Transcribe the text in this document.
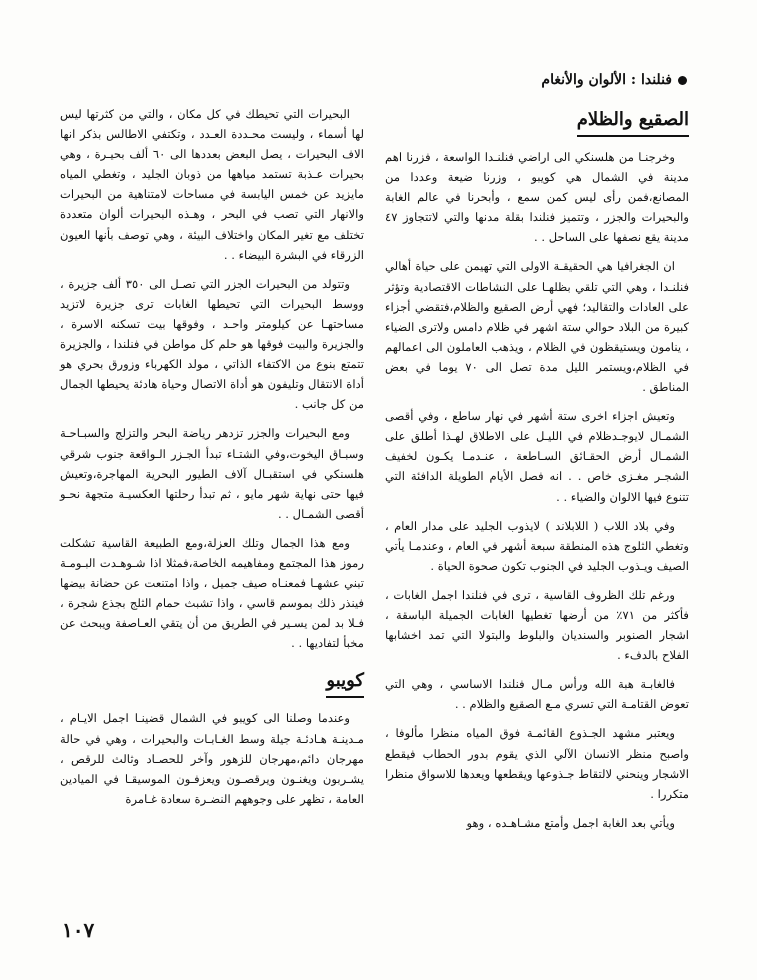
فنلندا : الألوان والأنغام
الصقيع والظلام

وخرجنـا من هلسنكي الى اراضي فنلنـدا الواسعة ، فزرنا اهم مدينة في الشمال هي كويبو ، وزرنا ضيعة وعددا من المصانع،فمن رأى ليس كمن سمع ، وأبحرنا في عالم الغابة والبحيرات والجزر ، وتتميز فنلندا بقلة مدنها والتي لاتتجاوز ٤٧ مدينة يقع نصفها على الساحل . .

ان الجغرافيا هي الحقيقـة الاولى التي تهيمن على حياة أهالي فنلنـدا ، وهي التي تلقي بظلهـا على النشاطات الاقتصادية وتؤثر على العادات والتقاليد؛ فهي أرض الصقيع والظلام،فتقضي أجزاء كبيرة من البلاد حوالي ستة اشهر في ظلام دامس ولاترى الضياء ، ينامون ويستيقظون في الظلام ، ويذهب العاملون الى اعمالهم في الظلام،ويستمر الليل مدة تصل الى ٧٠ يوما في بعض المناطق .

وتعيش اجزاء اخرى ستة أشهر في نهار ساطع ، وفي أقصى الشمـال لايوجـدظلام في الليـل على الاطلاق لهـذا أطلق على الشمـال أرض الحقـائق السـاطعة ، عنـدمـا يكـون لخفيف الشجـر مغـزى خاص . . انه فصل الأيام الطويلة الدافئة التي تتنوع فيها الالوان والضياء . .

وفي بلاد اللاب ( اللابلاند ) لايذوب الجليد على مدار العام ، وتغطي الثلوج هذه المنطقة سبعة أشهر في العام ، وعندمـا يأتي الصيف ويـذوب الجليد في الجنوب تكون صحوة الحياة .

ورغم تلك الظروف القاسية ، ترى في فنلندا اجمل الغابات ، فأكثر من ٧١٪ من أرضها تغطيها الغابات الجميلة الباسقة ، اشجار الصنوبر والسنديان والبلوط والبتولا التي تمد اخشابها الفلاح بالدفء .

فالغابـة هبة الله ورأس مـال فنلندا الاساسي ، وهي التي تعوض القتامـة التي تسري مـع الصقيع والظلام . .

ويعتبر مشهد الجـذوع القائمـة فوق المياه منظرا مألوفا ، واصبح منظر الانسان الآلي الذي يقوم بدور الحطاب فيقطع الاشجار وينحني لالتقاط جـذوعها ويقطعها ويعدها للاسواق منظرا متكررا .

ويأتي بعد الغابة اجمل وأمتع مشـاهـده ، وهو

البحيرات التي تحيطك في كل مكان ، والتي من كثرتها ليس لها أسماء ، وليست محـددة العـدد ، وتكتفي الاطالس بذكر انها الاف البحيرات ، يصل البعض بعددها الى ٦٠ ألف بحيـرة ، وهي بحيرات عـذبة تستمد مياهها من ذوبان الجليد ، وتغطي المياه مايزيد عن خمس اليابسة في مساحات لامتناهية من البحيرات والانهار التي تصب في البحر ، وهـذه البحيرات ألوان متعددة تختلف مع تغير المكان واختلاف البيئة ، وهي توصف بأنها العيون الزرقاء في البشرة البيضاء . .

وتتولد من البحيرات الجزر التي تصـل الى ٣٥٠ ألف جزيرة ، ووسط البحيرات التي تحيطها الغابات ترى جزيرة لاتزيد مساحتهـا عن كيلومتر واحـد ، وفوقها بيت تسكنه الاسرة ، والجزيرة والبيت فوقها هو حلم كل مواطن في فنلندا ، والجزيرة تتمتع بنوع من الاكتفاء الذاتي ، مولد الكهرباء وزورق بحري هو أداة الانتقال وتليفون هو أداة الاتصال وحياة هادئة يحيطها الجمال من كل جانب .

ومع البحيرات والجزر تزدهر رياضة البحر والتزلج والسبـاحـة وسبـاق اليخوت،وفي الشتـاء تبدأ الجـزر الـواقعة جنوب شرقي هلسنكي في استقبـال آلاف الطيور البحرية المهاجرة،وتعيش فيها حتى نهاية شهر مايو ، ثم تبدأ رحلتها العكسيـة متجهة نحـو أقصى الشمـال . .

ومع هذا الجمال وتلك العزلة،ومع الطبيعة القاسية تشكلت رموز هذا المجتمع ومفاهيمه الخاصة،فمثلا اذا شـوهـدت البـومـة تبني عشهـا فمعنـاه صيف جميل ، واذا امتنعت عن حضانة بيضها فينذر ذلك بموسم قاسي ، واذا تشبث حمام الثلج بجذع شجرة ، فـلا بد لمن يسـير في الطريق من أن يتقي العـاصفة ويبحث عن مخبأ لتفاديها . .

كويبو

وعندما وصلنا الى كويبو في الشمال قضينـا اجمل الايـام ، مـدينـة هـادئـة جيلة وسط الغـابـات والبحيرات ، وهي في حالة مهرجان دائم،مهرجان للزهور وآخر للحصـاد وثالث للرقص ، يشـربون ويغنـون ويرقصـون ويعزفـون الموسيقـا في الميادين العامة ، تظهر على وجوههم النضـرة سعادة غـامرة

١٠٧
